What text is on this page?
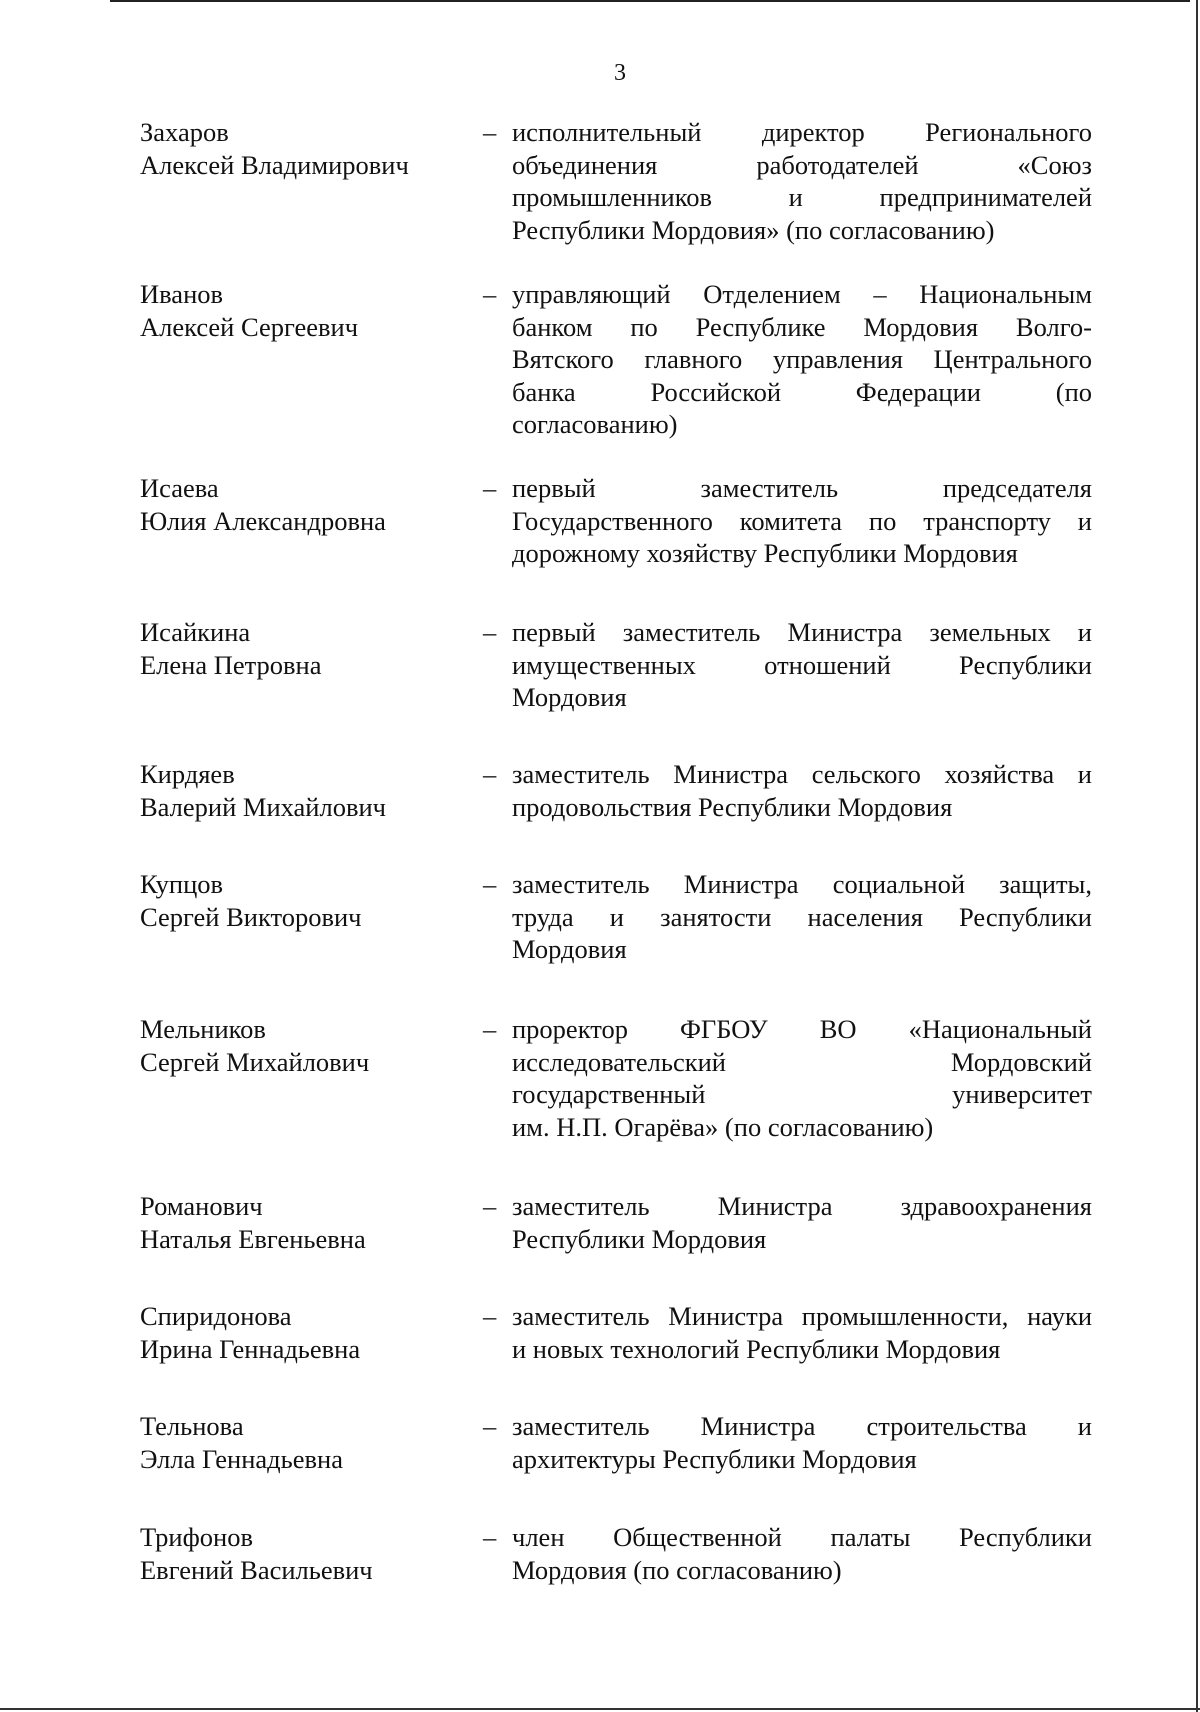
3
Захаров
Алексей Владимирович
– исполнительный директор Регионального
объединения работодателей «Союз
промышленников и предпринимателей
Республики Мордовия» (по согласованию)
Иванов
Алексей Сергеевич
– управляющий Отделением – Национальным
банком по Республике Мордовия Волго-
Вятского главного управления Центрального
банка Российской Федерации (по
согласованию)
Исаева
Юлия Александровна
– первый заместитель председателя
Государственного комитета по транспорту и
дорожному хозяйству Республики Мордовия
Исайкина
Елена Петровна
– первый заместитель Министра земельных и
имущественных отношений Республики
Мордовия
Кирдяев
Валерий Михайлович
– заместитель Министра сельского хозяйства и
продовольствия Республики Мордовия
Купцов
Сергей Викторович
– заместитель Министра социальной защиты,
труда и занятости населения Республики
Мордовия
Мельников
Сергей Михайлович
– проректор ФГБОУ ВО «Национальный
исследовательский Мордовский
государственный университет
им. Н.П. Огарёва» (по согласованию)
Романович
Наталья Евгеньевна
– заместитель Министра здравоохранения
Республики Мордовия
Спиридонова
Ирина Геннадьевна
– заместитель Министра промышленности, науки
и новых технологий Республики Мордовия
Тельнова
Элла Геннадьевна
– заместитель Министра строительства и
архитектуры Республики Мордовия
Трифонов
Евгений Васильевич
– член Общественной палаты Республики
Мордовия (по согласованию)
